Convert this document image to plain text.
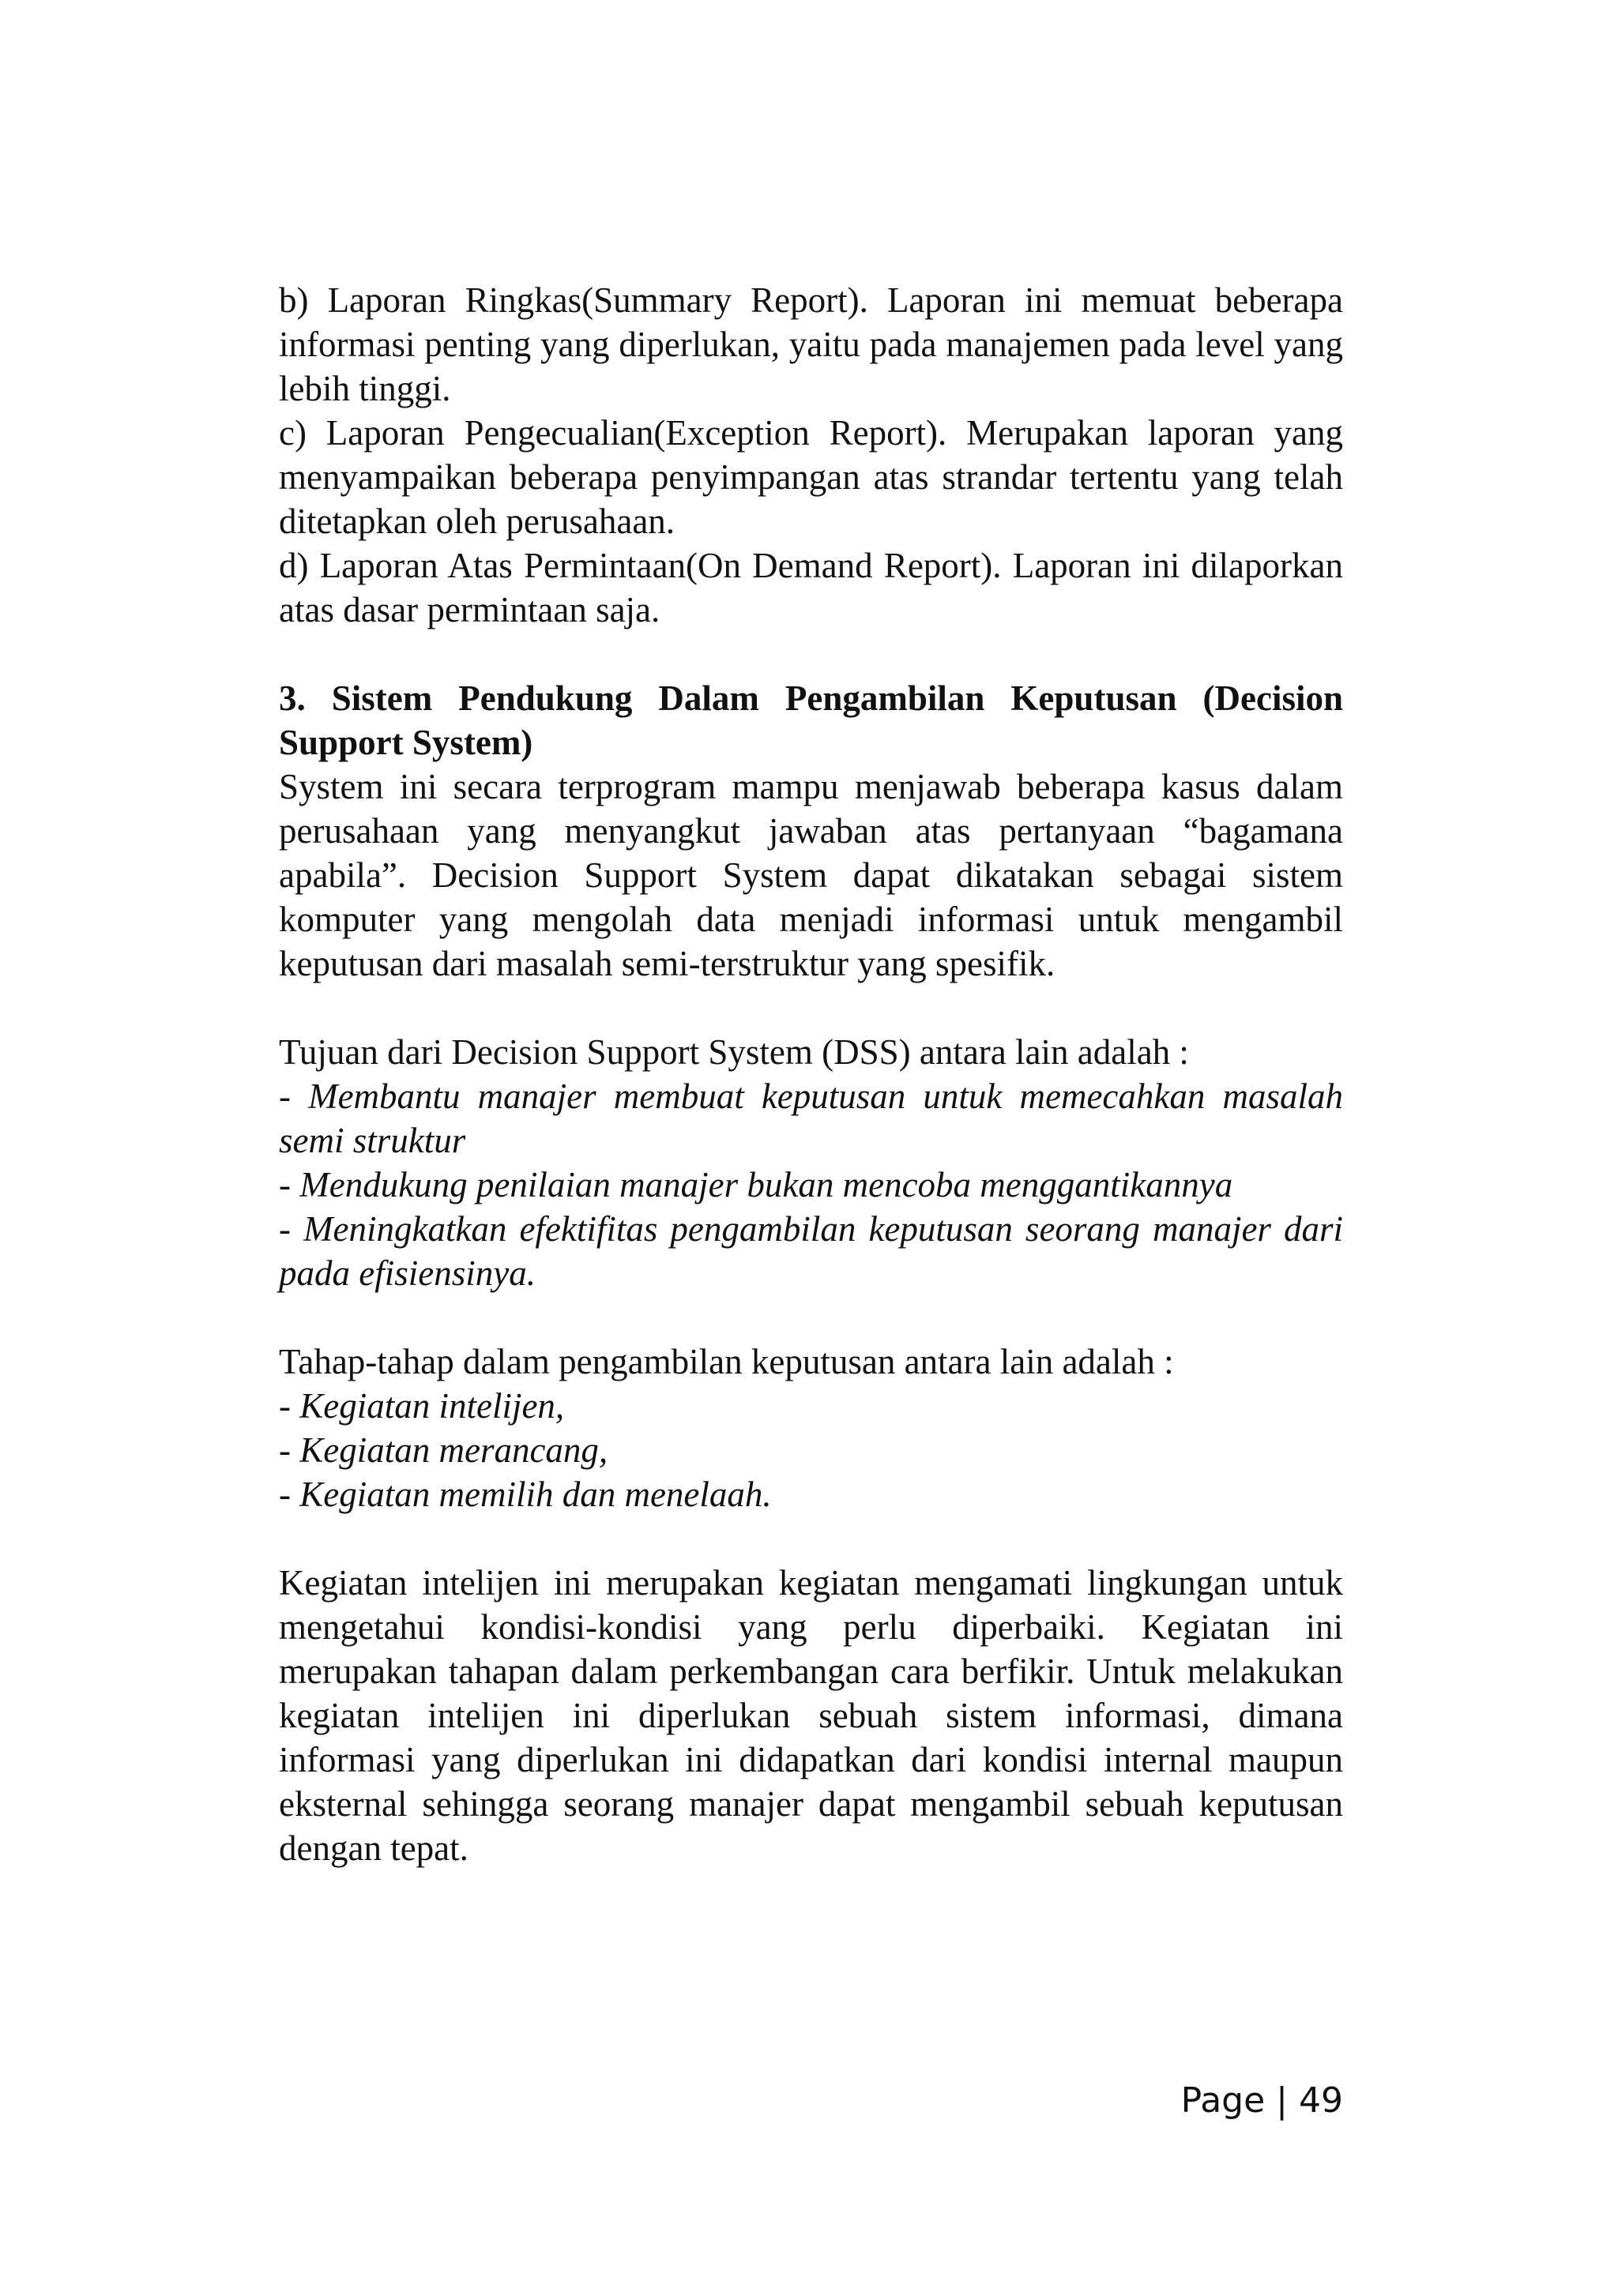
b) Laporan Ringkas(Summary Report). Laporan ini memuat beberapa informasi penting yang diperlukan, yaitu pada manajemen pada level yang lebih tinggi.

c) Laporan Pengecualian(Exception Report). Merupakan laporan yang menyampaikan beberapa penyimpangan atas strandar tertentu yang telah ditetapkan oleh perusahaan.

d) Laporan Atas Permintaan(On Demand Report). Laporan ini dilaporkan atas dasar permintaan saja.

3. Sistem Pendukung Dalam Pengambilan Keputusan (Decision Support System)

System ini secara terprogram mampu menjawab beberapa kasus dalam perusahaan yang menyangkut jawaban atas pertanyaan “bagamana apabila”. Decision Support System dapat dikatakan sebagai sistem komputer yang mengolah data menjadi informasi untuk mengambil keputusan dari masalah semi-terstruktur yang spesifik.

Tujuan dari Decision Support System (DSS) antara lain adalah :

- Membantu manajer membuat keputusan untuk memecahkan masalah semi struktur

- Mendukung penilaian manajer bukan mencoba menggantikannya

- Meningkatkan efektifitas pengambilan keputusan seorang manajer dari pada efisiensinya.

Tahap-tahap dalam pengambilan keputusan antara lain adalah :

- Kegiatan intelijen,

- Kegiatan merancang,

- Kegiatan memilih dan menelaah.

Kegiatan intelijen ini merupakan kegiatan mengamati lingkungan untuk mengetahui kondisi-kondisi yang perlu diperbaiki. Kegiatan ini merupakan tahapan dalam perkembangan cara berfikir. Untuk melakukan kegiatan intelijen ini diperlukan sebuah sistem informasi, dimana informasi yang diperlukan ini didapatkan dari kondisi internal maupun eksternal sehingga seorang manajer dapat mengambil sebuah keputusan dengan tepat.

Page | 49
